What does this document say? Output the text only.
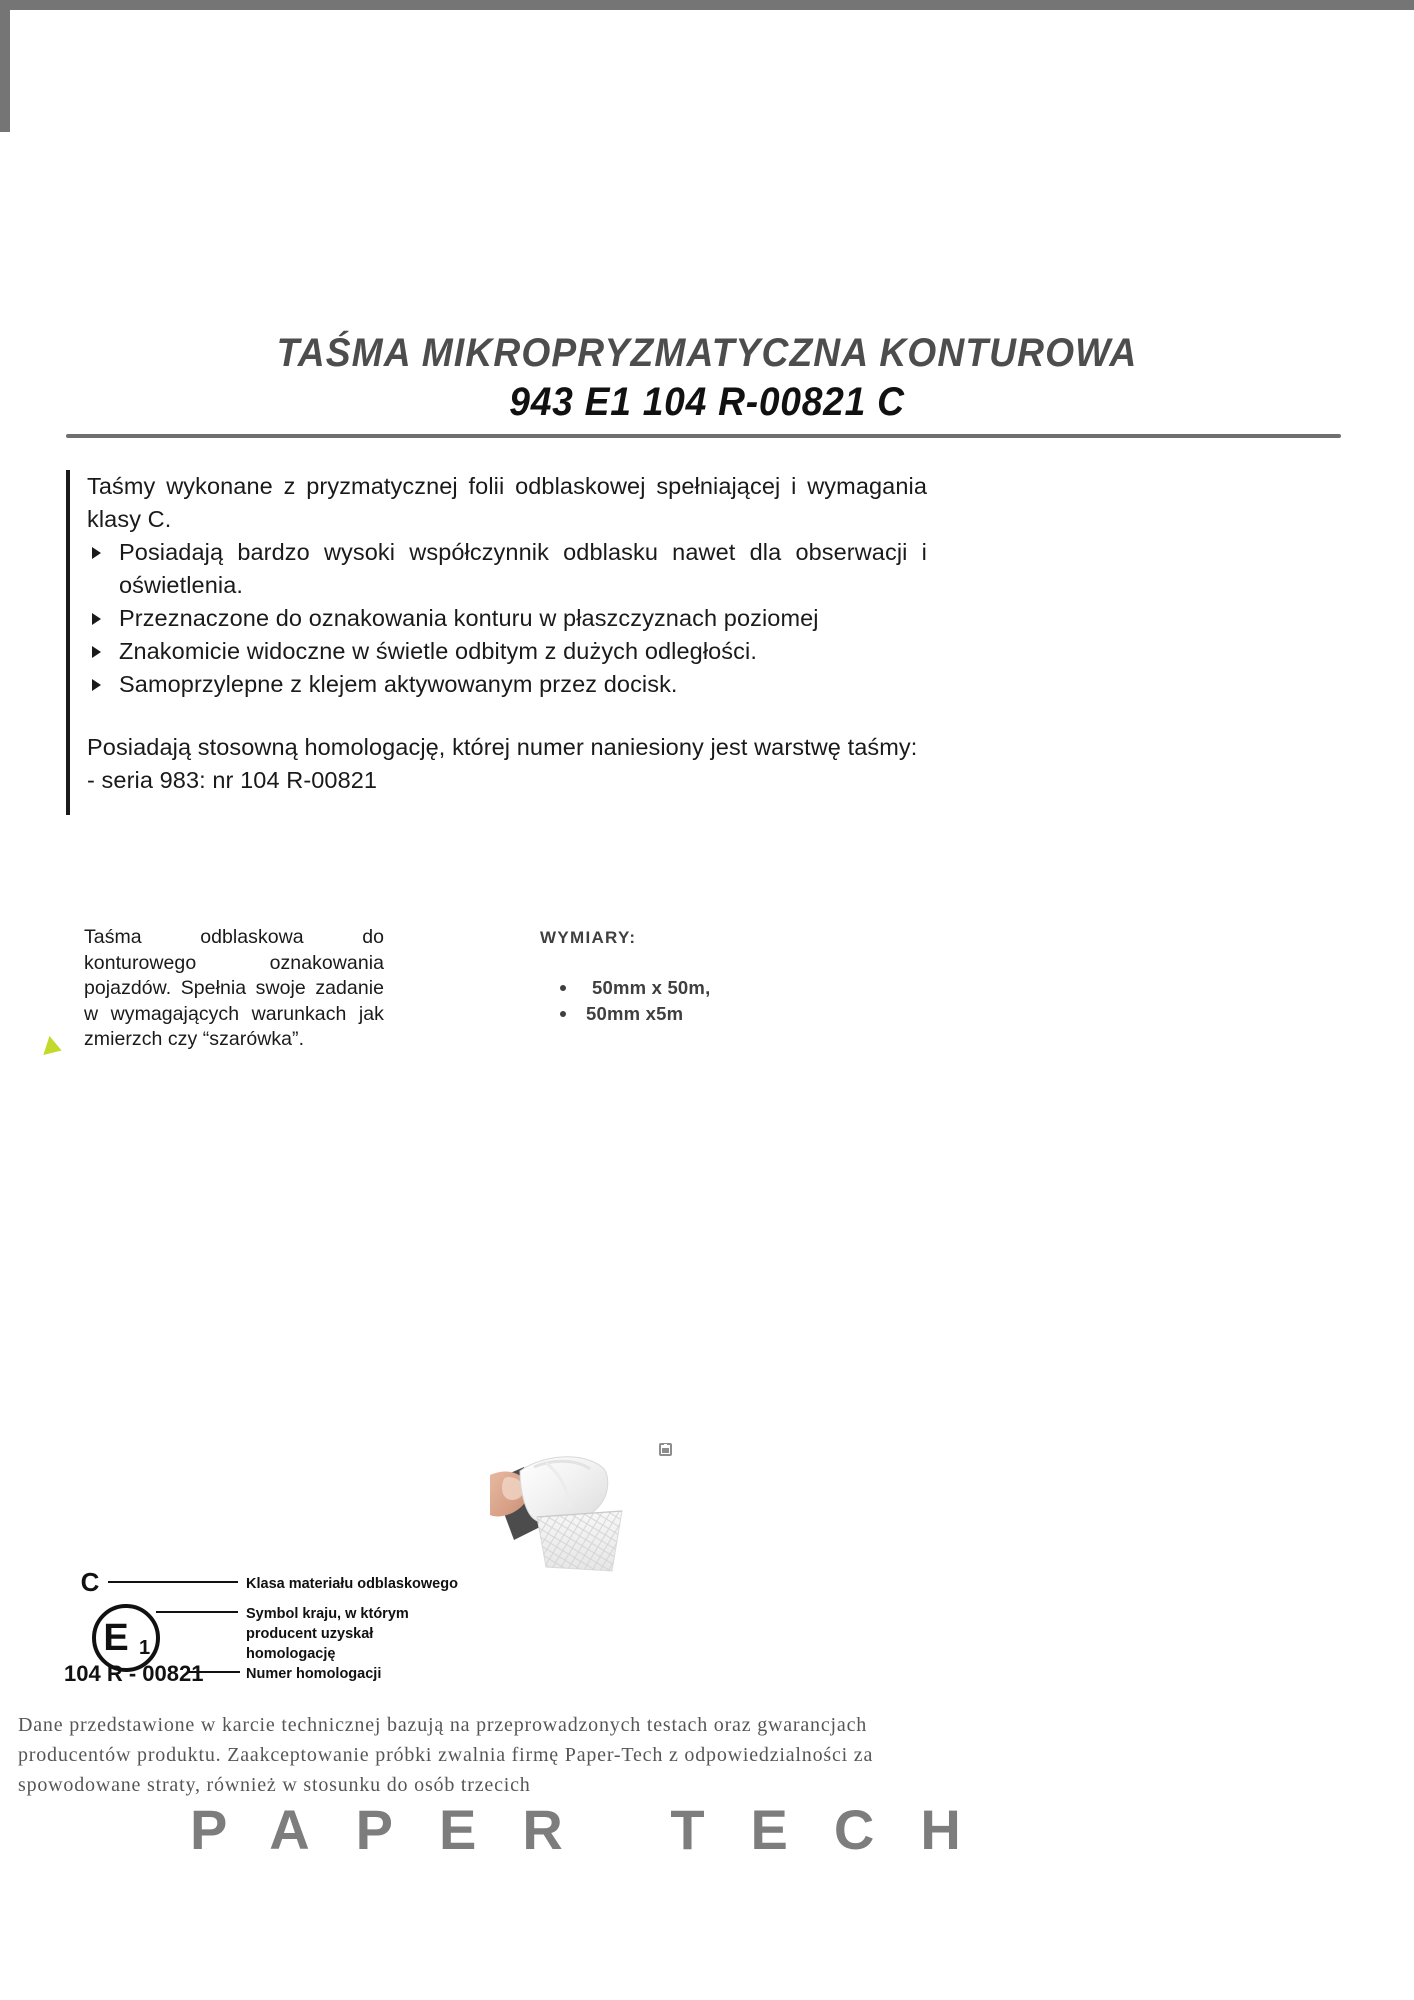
TAŚMA MIKROPRYZMATYCZNA KONTUROWA
943 E1 104 R-00821 C

Taśmy wykonane z pryzmatycznej folii odblaskowej spełniającej i wymagania klasy C.

Posiadają bardzo wysoki współczynnik odblasku nawet dla obserwacji i oświetlenia.
Przeznaczone do oznakowania konturu w płaszczyznach poziomej
Znakomicie widoczne w świetle odbitym z dużych odległości.
Samoprzylepne z klejem aktywowanym przez docisk.

Posiadają stosowną homologację, której numer naniesiony jest warstwę taśmy:

- seria 983: nr 104 R-00821

Taśma odblaskowa do konturowego oznakowania pojazdów. Spełnia swoje zadanie w wymagających warunkach jak zmierzch czy “szarówka”.
WYMIARY:
50mm x 50m,
50mm x5m
E 1
C
104 R - 00821
Klasa materiału odblaskowego
Symbol kraju, w którym
producent uzyskał
homologację
Numer homologacji
Dane przedstawione w karcie technicznej bazują na przeprowadzonych testach oraz gwarancjach producentów produktu. Zaakceptowanie próbki zwalnia firmę Paper-Tech z odpowiedzialności za spowodowane straty, również w stosunku do osób trzecich
PAPER TECH
